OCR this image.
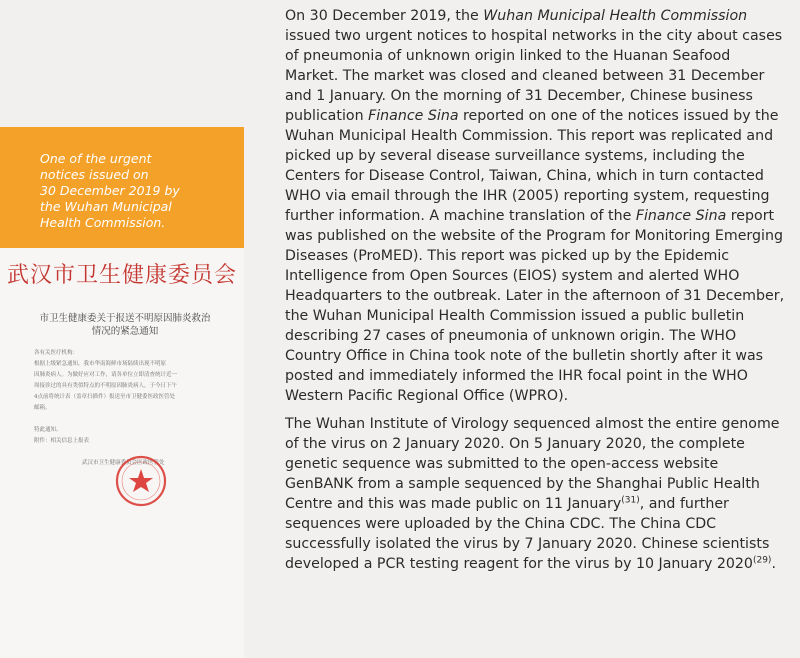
One of the urgent
notices issued on
30 December 2019 by
the Wuhan Municipal
Health Commission.
武汉市卫生健康委员会
市卫生健康委关于报送不明原因肺炎救治
情况的紧急通知
各有关医疗机构：
根据上级紧急通知，我市华南海鲜市场陆续出现不明原
因肺炎病人。为做好应对工作，请各单位立即清查统计近一
周接诊过的具有类似特点的不明原因肺炎病人，于今日下午
4点前将统计表（盖章扫描件）报送至市卫健委医政医管处
邮箱。

特此通知。
附件：相关信息上报表

武汉市卫生健康委员会医政医管处

On 30 December 2019, the Wuhan Municipal Health Commission issued two urgent notices to hospital networks in the city about cases of pneumonia of unknown origin linked to the Huanan Seafood Market. The market was closed and cleaned between 31 December and 1 January. On the morning of 31 December, Chinese business publication Finance Sina reported on one of the notices issued by the Wuhan Municipal Health Commission. This report was replicated and picked up by several disease surveillance systems, including the Centers for Disease Control, Taiwan, China, which in turn contacted WHO via email through the IHR (2005) reporting system, requesting further information. A machine translation of the Finance Sina report was published on the website of the Program for Monitoring Emerging Diseases (ProMED). This report was picked up by the Epidemic Intelligence from Open Sources (EIOS) system and alerted WHO Headquarters to the outbreak. Later in the afternoon of 31 December, the Wuhan Municipal Health Commission issued a public bulletin describing 27 cases of pneumonia of unknown origin. The WHO Country Office in China took note of the bulletin shortly after it was posted and immediately informed the IHR focal point in the WHO Western Pacific Regional Office (WPRO).

The Wuhan Institute of Virology sequenced almost the entire genome of the virus on 2 January 2020. On 5 January 2020, the complete genetic sequence was submitted to the open-access website GenBANK from a sample sequenced by the Shanghai Public Health Centre and this was made public on 11 January$^{(31)}$, and further sequences were uploaded by the China CDC. The China CDC successfully isolated the virus by 7 January 2020. Chinese scientists developed a PCR testing reagent for the virus by 10 January 2020$^{(29)}$.
